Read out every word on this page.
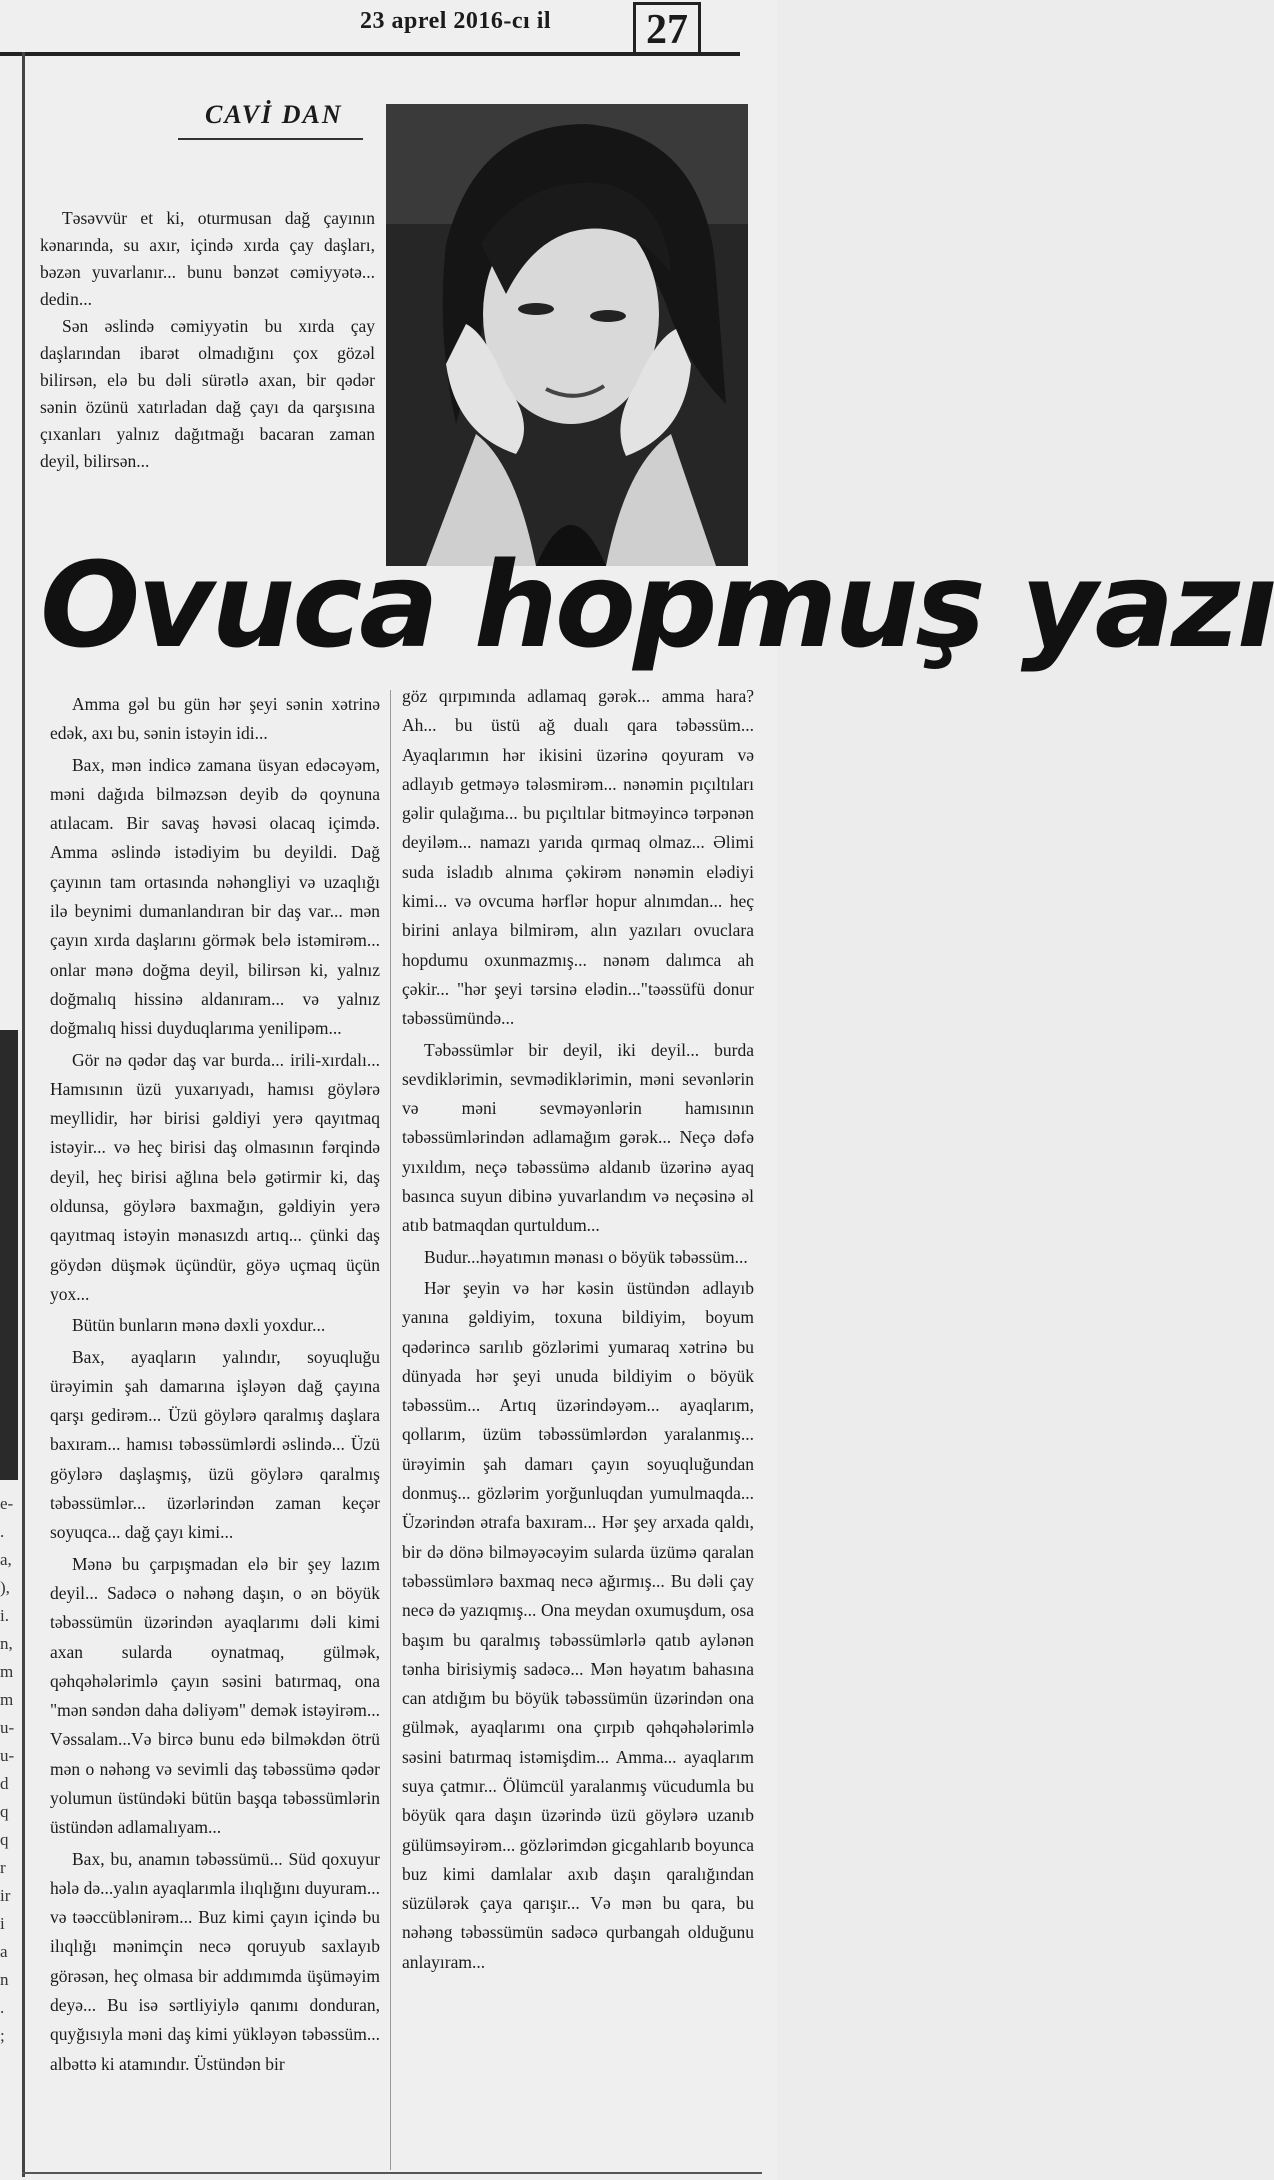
23 aprel 2016-cı il	27
e-
.
a,
),
i.
n,
m
m
u-
u-
d
q
q
r
ir
i
a
n
.
;
CAVİ DAN

Təsəvvür et ki, oturmusan dağ çayının kənarında, su axır, içində xırda çay daşları, bəzən yuvarlanır... bunu bənzət cəmiyyətə... dedin...

Sən əslində cəmiyyətin bu xırda çay daşlarından ibarət olmadığını çox gözəl bilirsən, elə bu dəli sürətlə axan, bir qədər sənin özünü xatırladan dağ çayı da qarşısına çıxanları yalnız dağıtmağı bacaran zaman deyil, bilirsən...

Ovuca hopmuş yazı

Amma gəl bu gün hər şeyi sənin xətrinə edək, axı bu, sənin istəyin idi...

Bax, mən indicə zamana üsyan edəcəyəm, məni dağıda bilməzsən deyib də qoynuna atılacam. Bir savaş həvəsi olacaq içimdə. Amma əslində istədiyim bu deyildi. Dağ çayının tam ortasında nəhəngliyi və uzaqlığı ilə beynimi dumanlandıran bir daş var... mən çayın xırda daşlarını görmək belə istəmirəm... onlar mənə doğma deyil, bilirsən ki, yalnız doğmalıq hissinə aldanıram... və yalnız doğmalıq hissi duyduqlarıma yeniliрəm...

Gör nə qədər daş var burda... irili-xırdalı... Hamısının üzü yuxarıyadı, hamısı göylərə meyllidir, hər birisi gəldiyi yerə qayıtmaq istəyir... və heç birisi daş olmasının fərqində deyil, heç birisi ağlına belə gətirmir ki, daş oldunsa, göylərə baxmağın, gəldiyin yerə qayıtmaq istəyin mənasızdı artıq... çünki daş göydən düşmək üçündür, göyə uçmaq üçün yox...

Bütün bunların mənə dəxli yoxdur...

Bax, ayaqların yalındır, soyuqluğu ürəyimin şah damarına işləyən dağ çayına qarşı gedirəm... Üzü göylərə qaralmış daşlara baxıram... hamısı təbəssümlərdi əslində... Üzü göylərə daşlaşmış, üzü göylərə qaralmış təbəssümlər... üzərlərindən zaman keçər soyuqca... dağ çayı kimi...

Mənə bu çarpışmadan elə bir şey lazım deyil... Sadəcə o nəhəng daşın, o ən böyük təbəssümün üzərindən ayaqlarımı dəli kimi axan sularda oynatmaq, gülmək, qəhqəhələrimlə çayın səsini batırmaq, ona "mən səndən daha dəliyəm" demək istəyirəm... Vəssalam...Və bircə bunu edə bilməkdən ötrü mən o nəhəng və sevimli daş təbəssümə qədər yolumun üstündəki bütün başqa təbəssümlərin üstündən adlamalıyam...

Bax, bu, anamın təbəssümü... Süd qoxuyur hələ də...yalın ayaqlarımla ilıqlığını duyuram... və təəccüblənirəm... Buz kimi çayın içində bu ilıqlığı mənimçin necə qoruyub saxlayıb görəsən, heç olmasa bir addımımda üşüməyim deyə... Bu isə sərtliyiylə qanımı donduran, quyğısıyla məni daş kimi yükləyən təbəssüm... albəttə ki atamındır. Üstündən bir

göz qırpımında adlamaq gərək... amma hara? Ah... bu üstü ağ dualı qara təbəssüm... Ayaqlarımın hər ikisini üzərinə qoyuram və adlayıb getməyə tələsmirəm... nənəmin pıçıltıları gəlir qulağıma... bu pıçıltılar bitməyincə tərpənən deyiləm... namazı yarıda qırmaq olmaz... Əlimi suda isladıb alnıma çəkirəm nənəmin elədiyi kimi... və ovcuma hərflər hopur alnımdan... heç birini anlaya bilmirəm, alın yazıları ovuclara hopdumu oxunmazmış... nənəm dalımca ah çəkir... "hər şeyi tərsinə elədin..."təəssüfü donur təbəssümündə...

Təbəssümlər bir deyil, iki deyil... burda sevdiklərimin, sevmədiklərimin, məni sevənlərin və məni sevməyənlərin hamısının təbəssümlərindən adlamağım gərək... Neçə dəfə yıxıldım, neçə təbəssümə aldanıb üzərinə ayaq basınca suyun dibinə yuvarlandım və neçəsinə əl atıb batmaqdan qurtuldum...

Budur...həyatımın mənası o böyük təbəssüm...

Hər şeyin və hər kəsin üstündən adlayıb yanına gəldiyim, toxuna bildiyim, boyum qədərincə sarılıb gözlərimi yumaraq xətrinə bu dünyada hər şeyi unuda bildiyim o böyük təbəssüm... Artıq üzərindəyəm... ayaqlarım, qollarım, üzüm təbəssümlərdən yaralanmış... ürəyimin şah damarı çayın soyuqluğundan donmuş... gözlərim yorğunluqdan yumulmaqda... Üzərindən ətrafa baxıram... Hər şey arxada qaldı, bir də dönə bilməyəcəyim sularda üzümə qaralan təbəssümlərə baxmaq necə ağırmış... Bu dəli çay necə də yazıqmış... Ona meydan oxumuşdum, osa başım bu qaralmış təbəssümlərlə qatıb aylənən tənha birisiymiş sadəcə... Mən həyatım bahasına can atdığım bu böyük təbəssümün üzərindən ona gülmək, ayaqlarımı ona çırpıb qəhqəhələrimlə səsini batırmaq istəmişdim... Amma... ayaqlarım suya çatmır... Ölümcül yaralanmış vücudumla bu böyük qara daşın üzərində üzü göylərə uzanıb gülümsəyirəm... gözlərimdən gicgahlarıb boyunca buz kimi damlalar axıb daşın qaralığından süzülərək çaya qarışır... Və mən bu qara, bu nəhəng təbəssümün sadəcə qurbangah olduğunu anlayıram...
